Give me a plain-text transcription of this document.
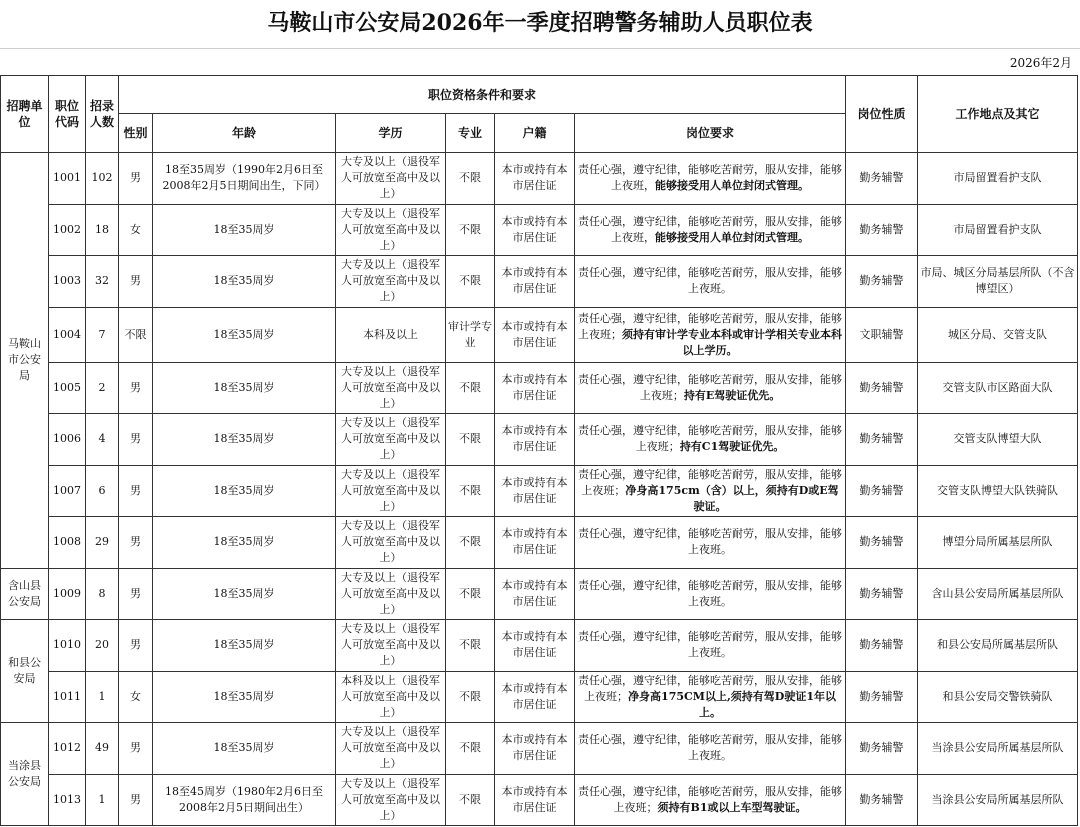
马鞍山市公安局2026年一季度招聘警务辅助人员职位表
2026年2月
招聘单位	职位代码	招录人数	职位资格条件和要求						岗位性质	工作地点及其它
			性别	年龄	学历	专业	户籍	岗位要求		
马鞍山市公安局	1001	102	男	18至35周岁（1990年2月6日至2008年2月5日期间出生，下同）	大专及以上（退役军人可放宽至高中及以上）	不限	本市或持有本市居住证	责任心强，遵守纪律，能够吃苦耐劳，服从安排，能够上夜班，能够接受用人单位封闭式管理。	勤务辅警	市局留置看护支队
	1002	18	女	18至35周岁	大专及以上（退役军人可放宽至高中及以上）	不限	本市或持有本市居住证	责任心强，遵守纪律，能够吃苦耐劳，服从安排，能够上夜班，能够接受用人单位封闭式管理。	勤务辅警	市局留置看护支队
	1003	32	男	18至35周岁	大专及以上（退役军人可放宽至高中及以上）	不限	本市或持有本市居住证	责任心强，遵守纪律，能够吃苦耐劳，服从安排，能够上夜班。	勤务辅警	市局、城区分局基层所队（不含博望区）
	1004	7	不限	18至35周岁	本科及以上	审计学专业	本市或持有本市居住证	责任心强，遵守纪律，能够吃苦耐劳，服从安排，能够上夜班；须持有审计学专业本科或审计学相关专业本科以上学历。	文职辅警	城区分局、交管支队
	1005	2	男	18至35周岁	大专及以上（退役军人可放宽至高中及以上）	不限	本市或持有本市居住证	责任心强，遵守纪律，能够吃苦耐劳，服从安排，能够上夜班；持有E驾驶证优先。	勤务辅警	交管支队市区路面大队
	1006	4	男	18至35周岁	大专及以上（退役军人可放宽至高中及以上）	不限	本市或持有本市居住证	责任心强，遵守纪律，能够吃苦耐劳，服从安排，能够上夜班；持有C1驾驶证优先。	勤务辅警	交管支队博望大队
	1007	6	男	18至35周岁	大专及以上（退役军人可放宽至高中及以上）	不限	本市或持有本市居住证	责任心强，遵守纪律，能够吃苦耐劳，服从安排，能够上夜班；净身高175cm（含）以上，须持有D或E驾驶证。	勤务辅警	交管支队博望大队铁骑队
	1008	29	男	18至35周岁	大专及以上（退役军人可放宽至高中及以上）	不限	本市或持有本市居住证	责任心强，遵守纪律，能够吃苦耐劳，服从安排，能够上夜班。	勤务辅警	博望分局所属基层所队
含山县公安局	1009	8	男	18至35周岁	大专及以上（退役军人可放宽至高中及以上）	不限	本市或持有本市居住证	责任心强，遵守纪律，能够吃苦耐劳，服从安排，能够上夜班。	勤务辅警	含山县公安局所属基层所队
和县公安局	1010	20	男	18至35周岁	大专及以上（退役军人可放宽至高中及以上）	不限	本市或持有本市居住证	责任心强，遵守纪律，能够吃苦耐劳，服从安排，能够上夜班。	勤务辅警	和县公安局所属基层所队
	1011	1	女	18至35周岁	本科及以上（退役军人可放宽至高中及以上）	不限	本市或持有本市居住证	责任心强，遵守纪律，能够吃苦耐劳，服从安排，能够上夜班；净身高175CM以上,须持有驾D驶证1年以上。	勤务辅警	和县公安局交警铁骑队
当涂县公安局	1012	49	男	18至35周岁	大专及以上（退役军人可放宽至高中及以上）	不限	本市或持有本市居住证	责任心强，遵守纪律，能够吃苦耐劳，服从安排，能够上夜班。	勤务辅警	当涂县公安局所属基层所队
	1013	1	男	18至45周岁（1980年2月6日至2008年2月5日期间出生）	大专及以上（退役军人可放宽至高中及以上）	不限	本市或持有本市居住证	责任心强，遵守纪律，能够吃苦耐劳，服从安排，能够上夜班；须持有B1或以上车型驾驶证。	勤务辅警	当涂县公安局所属基层所队
